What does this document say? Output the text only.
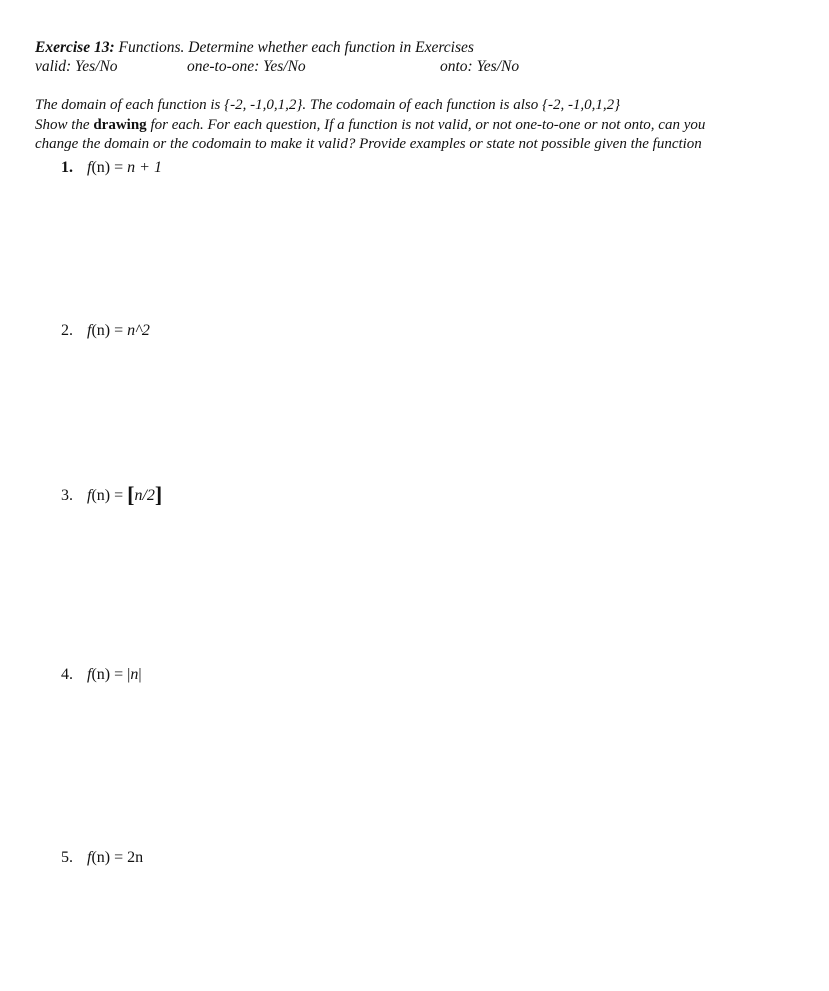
Exercise 13: Functions. Determine whether each function in Exercises
valid: Yes/No	one-to-one: Yes/No	onto: Yes/No
The domain of each function is {-2, -1,0,1,2}. The codomain of each function is also {-2, -1,0,1,2}
Show the drawing for each. For each question, If a function is not valid, or not one-to-one or not onto, can you
change the domain or the codomain to make it valid? Provide examples or state not possible given the function
1. f(n) = n + 1
2. f(n) = n^2
3. f(n) = [n/2]
4. f(n) = |n|
5. f(n) = 2n
